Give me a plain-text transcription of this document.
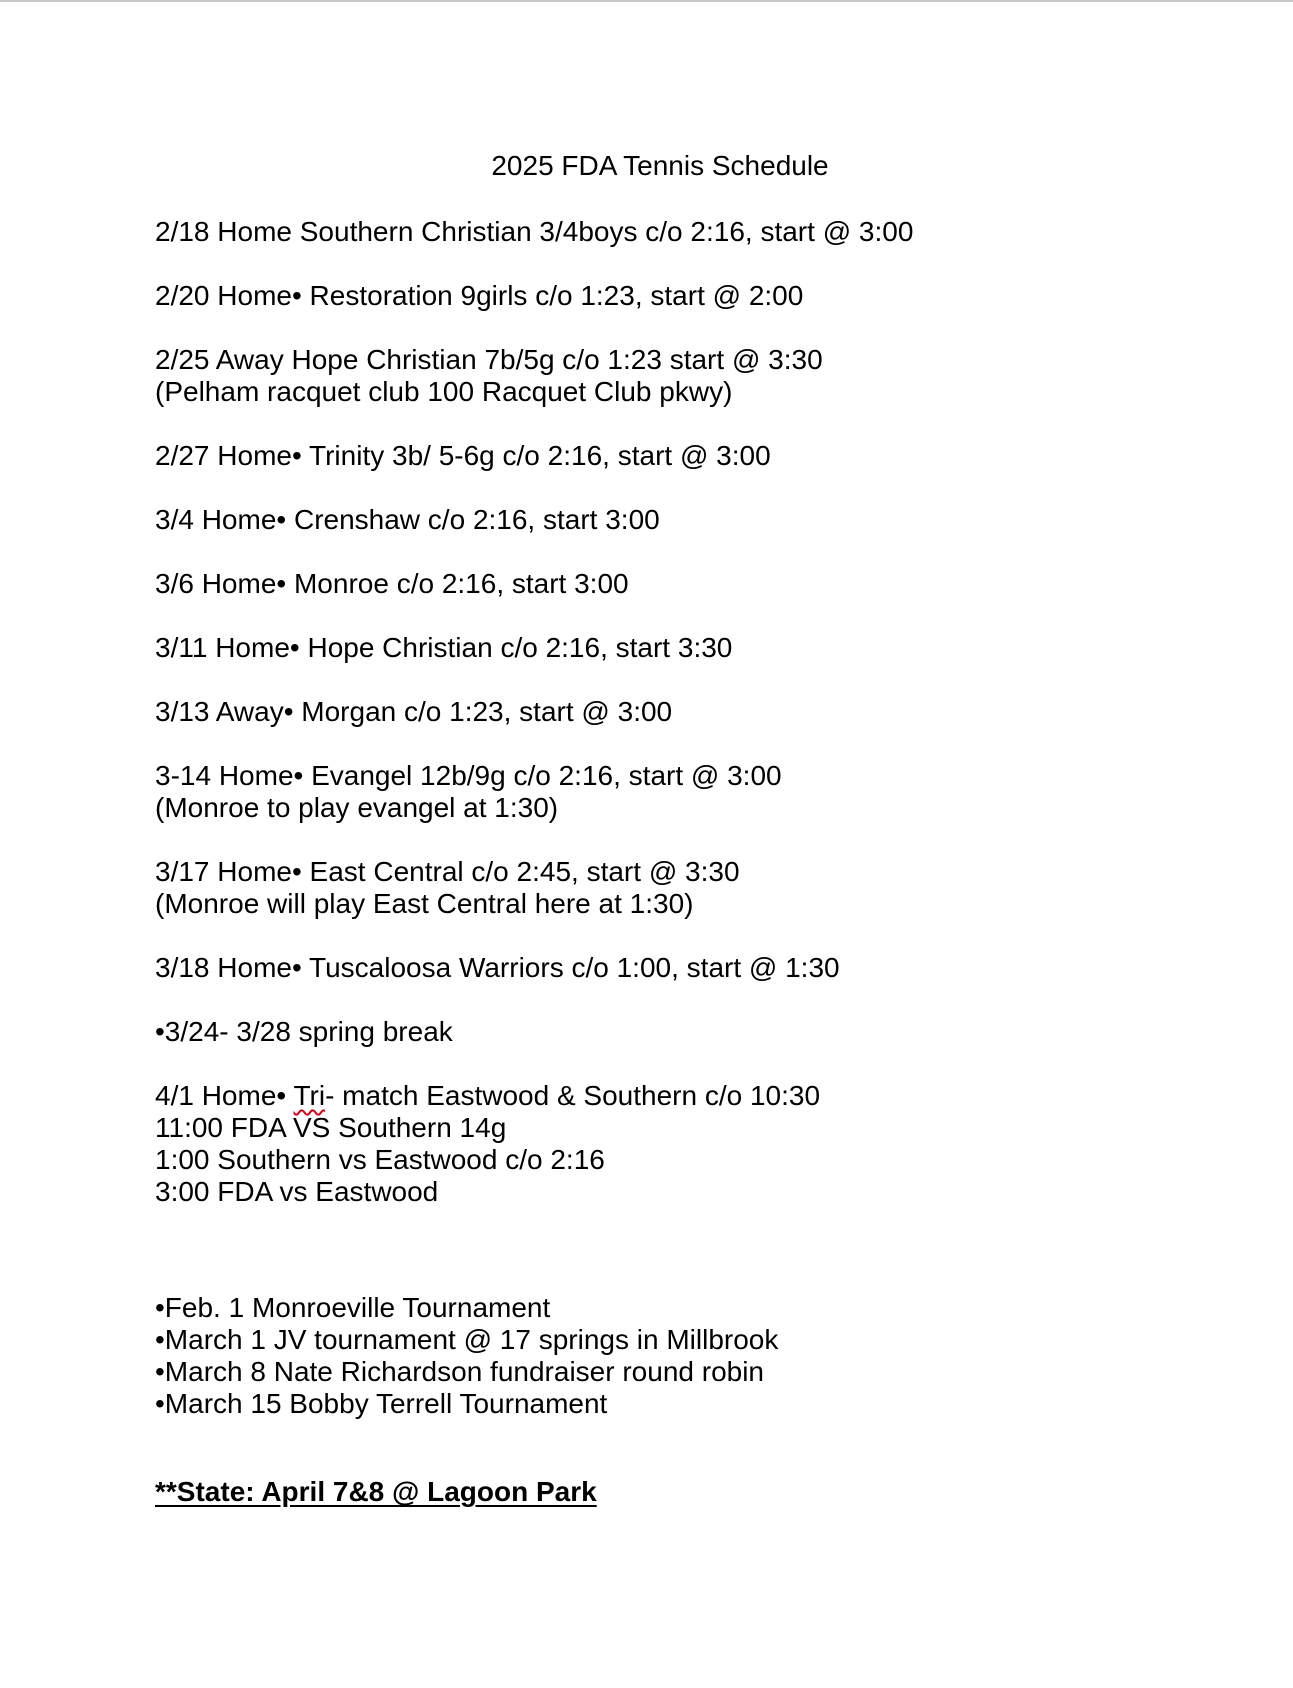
2025 FDA Tennis Schedule
2/18 Home Southern Christian 3/4boys c/o 2:16, start @ 3:00
2/20 Home• Restoration 9girls c/o 1:23, start @ 2:00
2/25 Away Hope Christian 7b/5g c/o 1:23 start @ 3:30
(Pelham racquet club 100 Racquet Club pkwy)
2/27 Home• Trinity 3b/ 5-6g c/o 2:16, start @ 3:00
3/4 Home• Crenshaw c/o 2:16, start 3:00
3/6 Home• Monroe c/o 2:16, start 3:00
3/11 Home• Hope Christian c/o 2:16, start 3:30
3/13 Away• Morgan c/o 1:23, start @ 3:00
3-14 Home• Evangel 12b/9g c/o 2:16, start @ 3:00
(Monroe to play evangel at 1:30)
3/17 Home• East Central c/o 2:45, start @ 3:30
(Monroe will play East Central here at 1:30)
3/18 Home• Tuscaloosa Warriors c/o 1:00, start @ 1:30
•3/24- 3/28 spring break
4/1 Home• Tri- match Eastwood & Southern c/o 10:30
11:00 FDA VS Southern 14g
1:00 Southern vs Eastwood c/o 2:16
3:00 FDA vs Eastwood
•Feb. 1 Monroeville Tournament
•March 1 JV tournament @ 17 springs in Millbrook
•March 8 Nate Richardson fundraiser round robin
•March 15 Bobby Terrell Tournament
**State: April 7&8 @ Lagoon Park
